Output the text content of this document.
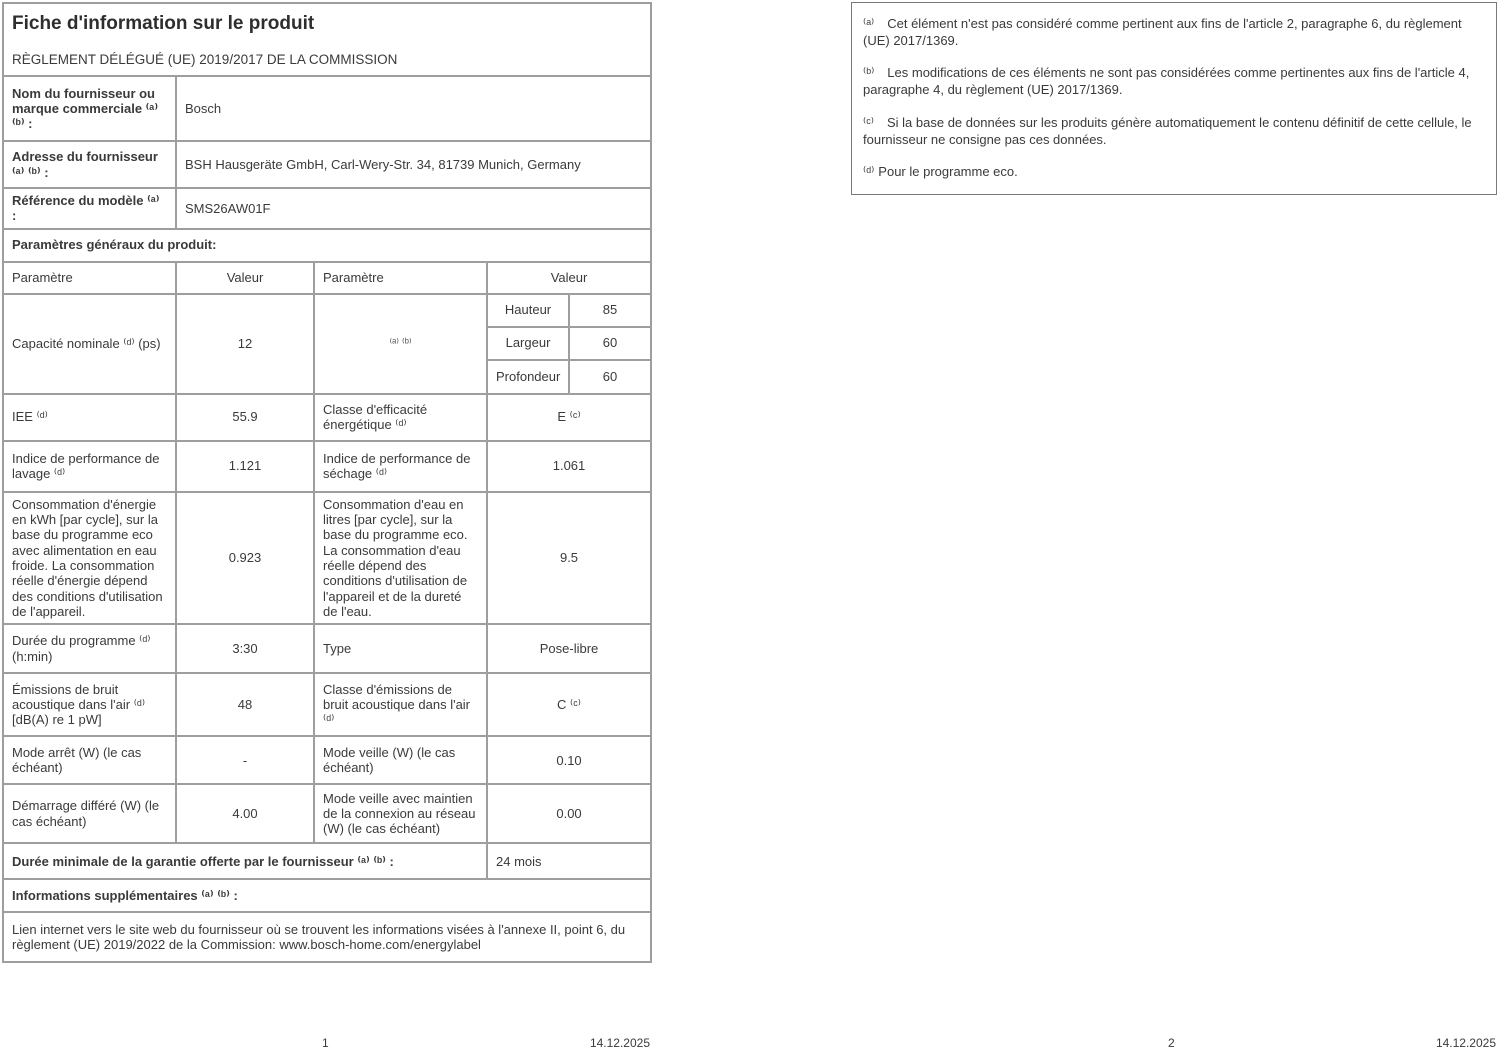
Fiche d'information sur le produit
RÈGLEMENT DÉLÉGUÉ (UE) 2019/2017 DE LA COMMISSION				

Nom du fournisseur ou marque commerciale ⁽ᵃ⁾ ⁽ᵇ⁾ :	Bosch			
Adresse du fournisseur ⁽ᵃ⁾ ⁽ᵇ⁾ :	BSH Hausgeräte GmbH, Carl-Wery-Str. 34, 81739 Munich, Germany			
Référence du modèle ⁽ᵃ⁾ :	SMS26AW01F			
Paramètres généraux du produit:				
Paramètre	Valeur	Paramètre	Valeur	
Capacité nominale ⁽ᵈ⁾ (ps)	12	⁽ᵃ⁾ ⁽ᵇ⁾	Hauteur	85
			Largeur	60
			Profondeur	60
IEE ⁽ᵈ⁾	55.9	Classe d'efficacité énergétique ⁽ᵈ⁾	E ⁽ᶜ⁾	
Indice de performance de lavage ⁽ᵈ⁾	1.121	Indice de performance de séchage ⁽ᵈ⁾	1.061	
Consommation d'énergie en kWh [par cycle], sur la base du programme eco avec alimentation en eau froide. La consommation réelle d'énergie dépend des conditions d'utilisation de l'appareil.	0.923	Consommation d'eau en litres [par cycle], sur la base du programme eco. La consommation d'eau réelle dépend des conditions d'utilisation de l'appareil et de la dureté de l'eau.	9.5	
Durée du programme ⁽ᵈ⁾ (h:min)	3:30	Type	Pose-libre	
Émissions de bruit acoustique dans l'air ⁽ᵈ⁾ [dB(A) re 1 pW]	48	Classe d'émissions de bruit acoustique dans l'air ⁽ᵈ⁾	C ⁽ᶜ⁾	
Mode arrêt (W) (le cas échéant)	-	Mode veille (W) (le cas échéant)	0.10	
Démarrage différé (W) (le cas échéant)	4.00	Mode veille avec maintien de la connexion au réseau (W) (le cas échéant)	0.00	
Durée minimale de la garantie offerte par le fournisseur ⁽ᵃ⁾ ⁽ᵇ⁾ :			24 mois	
Informations supplémentaires ⁽ᵃ⁾ ⁽ᵇ⁾ :				
Lien internet vers le site web du fournisseur où se trouvent les informations visées à l'annexe II, point 6, du règlement (UE) 2019/2022 de la Commission: www.bosch-home.com/energylabel				

⁽ᵃ⁾ Cet élément n'est pas considéré comme pertinent aux fins de l'article 2, paragraphe 6, du règlement (UE) 2017/1369.

⁽ᵇ⁾ Les modifications de ces éléments ne sont pas considérées comme pertinentes aux fins de l'article 4, paragraphe 4, du règlement (UE) 2017/1369.

⁽ᶜ⁾ Si la base de données sur les produits génère automatiquement le contenu définitif de cette cellule, le fournisseur ne consigne pas ces données.

⁽ᵈ⁾ Pour le programme eco.

1	14.12.2025	2	14.12.2025
